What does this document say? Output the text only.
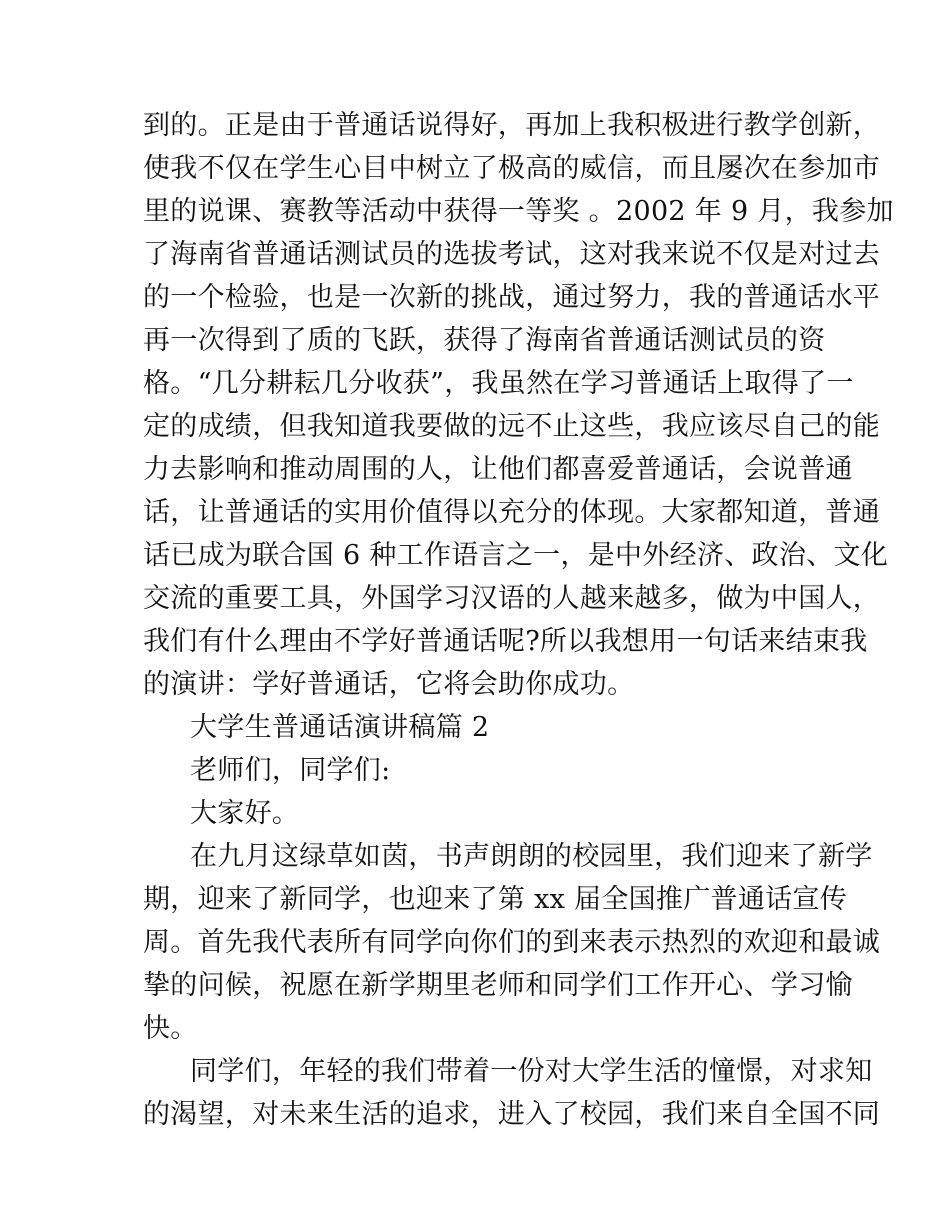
到的。正是由于普通话说得好，再加上我积极进行教学创新，
使我不仅在学生心目中树立了极高的威信，而且屡次在参加市
里的说课、赛教等活动中获得一等奖 。2002 年 9 月，我参加
了海南省普通话测试员的选拔考试，这对我来说不仅是对过去
的一个检验，也是一次新的挑战，通过努力，我的普通话水平
再一次得到了质的飞跃，获得了海南省普通话测试员的资
格。“几分耕耘几分收获”，我虽然在学习普通话上取得了一
定的成绩，但我知道我要做的远不止这些，我应该尽自己的能
力去影响和推动周围的人，让他们都喜爱普通话，会说普通
话，让普通话的实用价值得以充分的体现。大家都知道，普通
话已成为联合国 6 种工作语言之一，是中外经济、政治、文化
交流的重要工具，外国学习汉语的人越来越多，做为中国人，
我们有什么理由不学好普通话呢?所以我想用一句话来结束我
的演讲：学好普通话，它将会助你成功。
大学生普通话演讲稿篇 2
老师们，同学们:
大家好。
在九月这绿草如茵，书声朗朗的校园里，我们迎来了新学
期，迎来了新同学，也迎来了第 xx 届全国推广普通话宣传
周。首先我代表所有同学向你们的到来表示热烈的欢迎和最诚
挚的问候，祝愿在新学期里老师和同学们工作开心、学习愉
快。
同学们，年轻的我们带着一份对大学生活的憧憬，对求知
的渴望，对未来生活的追求，进入了校园，我们来自全国不同
